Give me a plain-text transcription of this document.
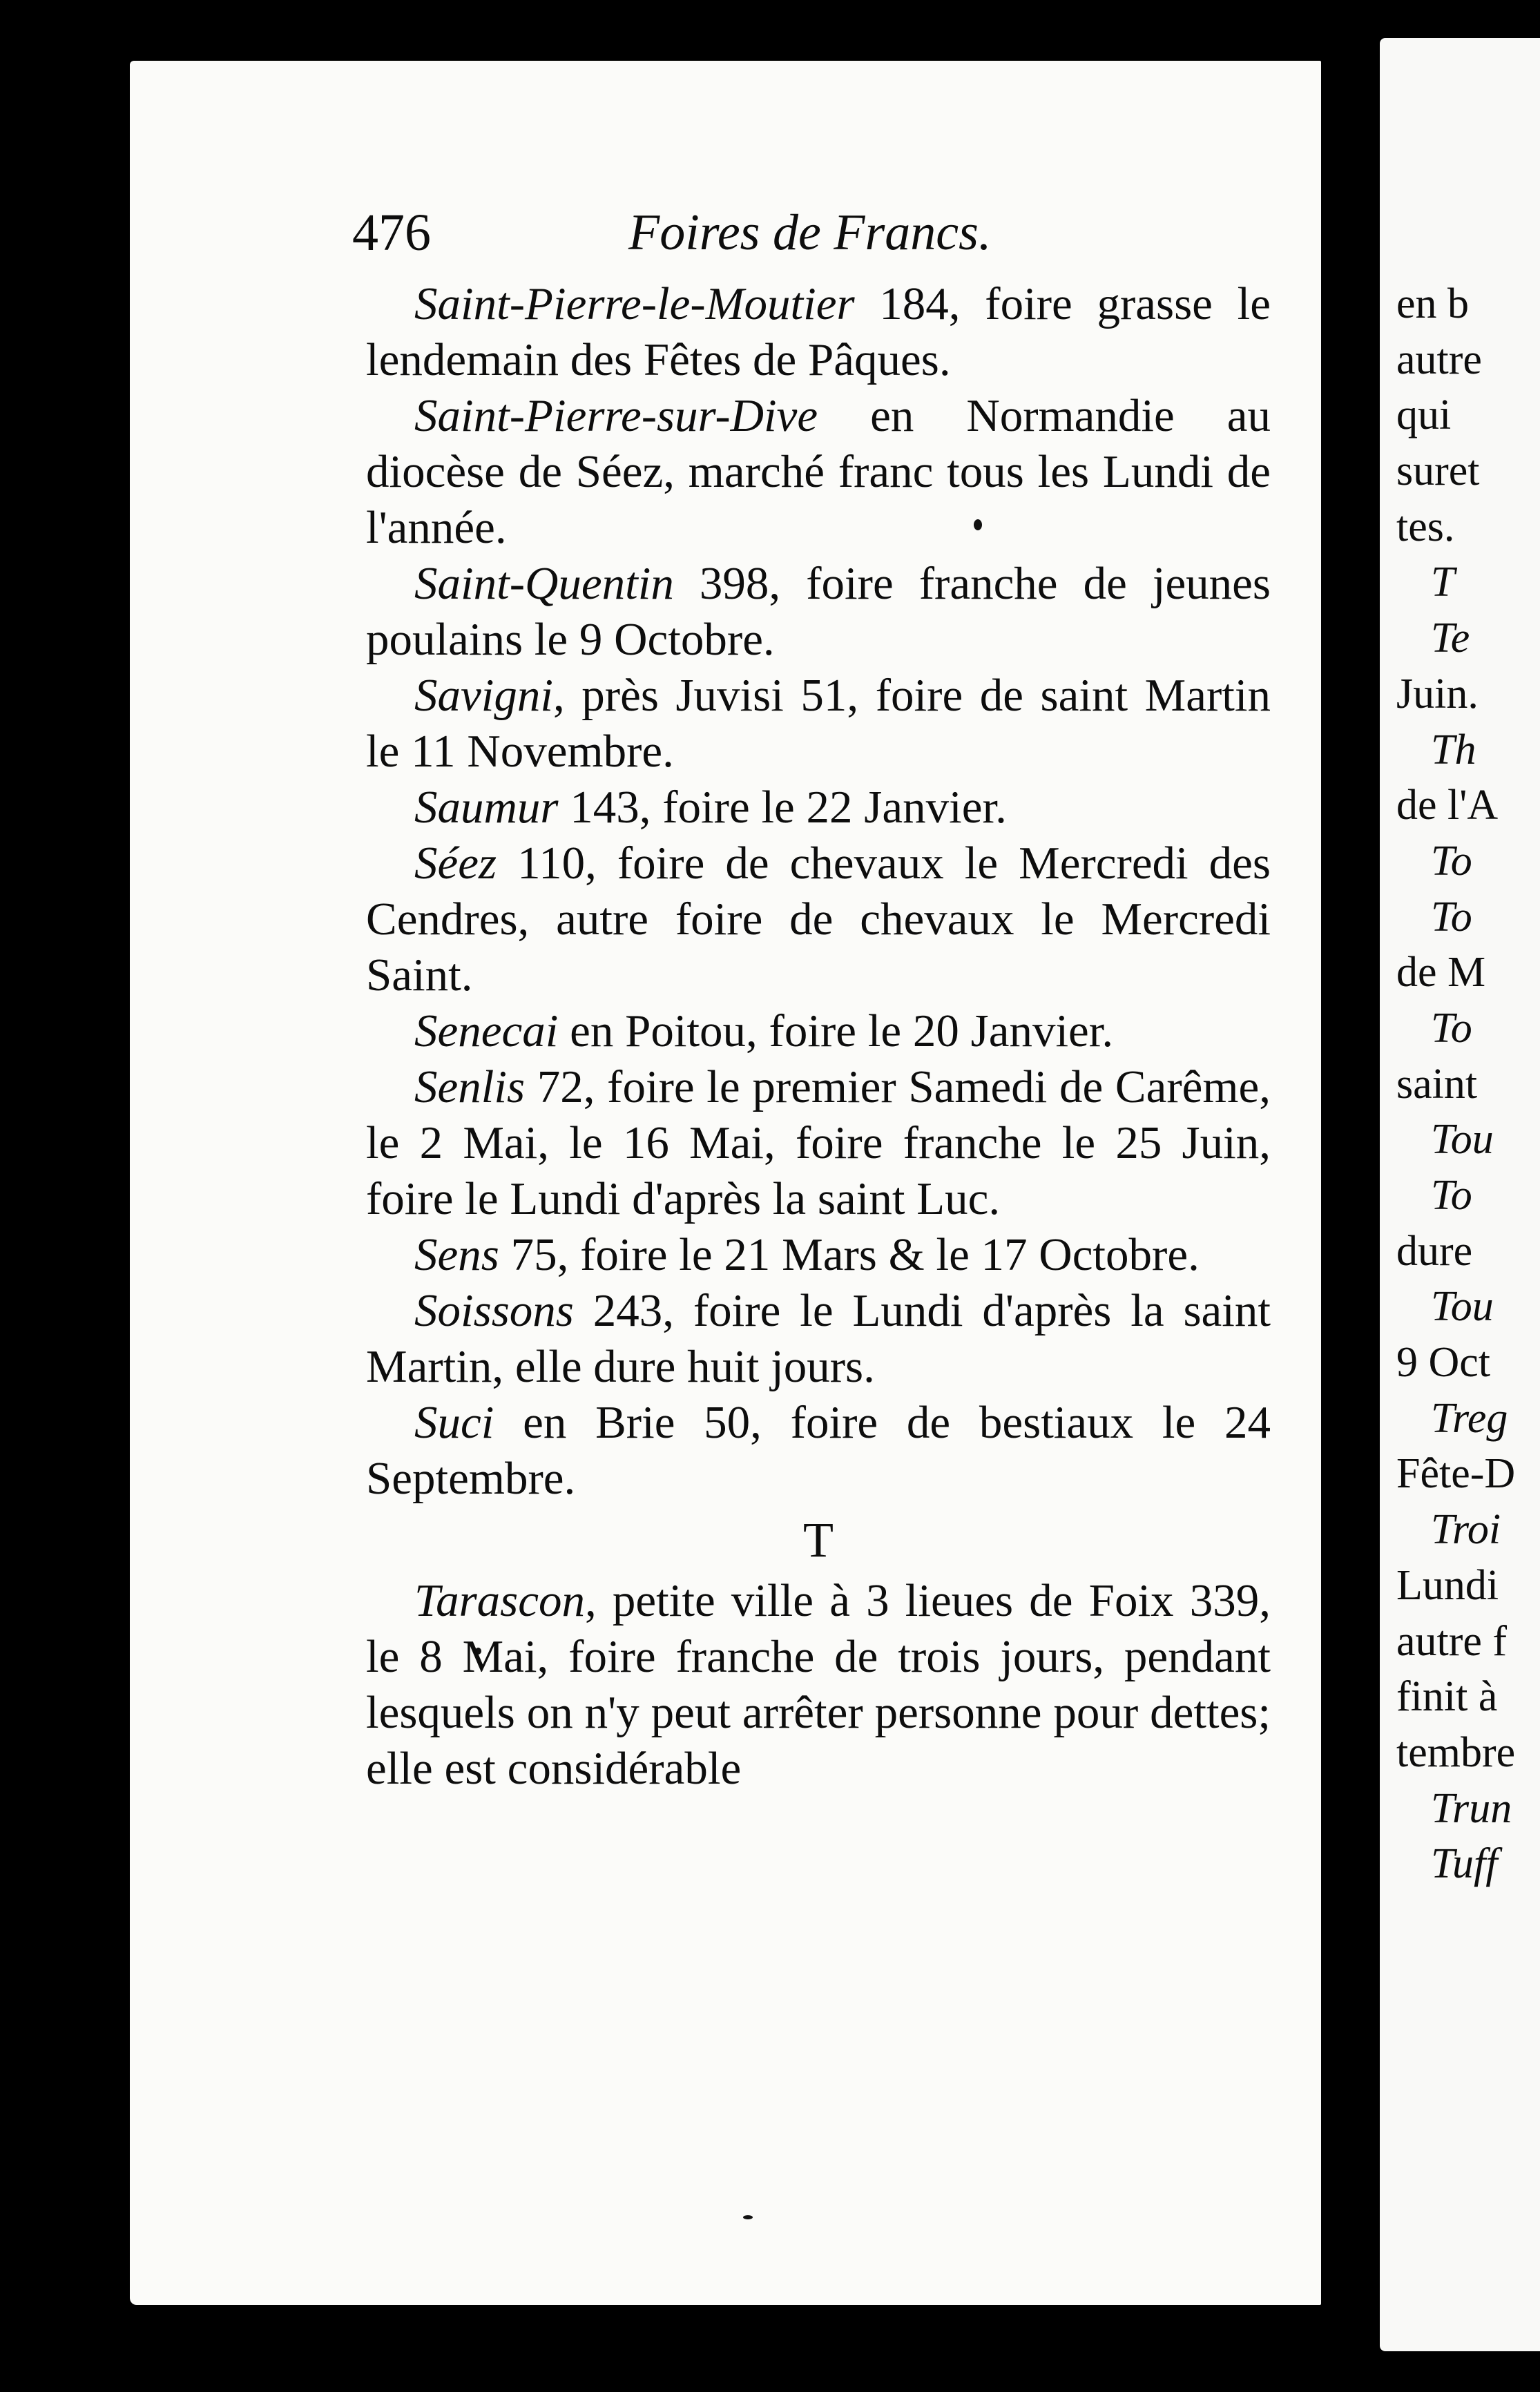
476	Foires de Francs.

Saint-Pierre-le-Moutier 184, foire grasse le lendemain des Fêtes de Pâques.

Saint-Pierre-sur-Dive en Normandie au diocèse de Séez, marché franc tous les Lundi de l'année.

Saint-Quentin 398, foire franche de jeunes poulains le 9 Octobre.

Savigni, près Juvisi 51, foire de saint Martin le 11 Novembre.

Saumur 143, foire le 22 Janvier.

Séez 110, foire de chevaux le Mercredi des Cendres, autre foire de chevaux le Mercredi Saint.

Senecai en Poitou, foire le 20 Janvier.

Senlis 72, foire le premier Samedi de Carême, le 2 Mai, le 16 Mai, foire franche le 25 Juin, foire le Lundi d'après la saint Luc.

Sens 75, foire le 21 Mars & le 17 Octobre.

Soissons 243, foire le Lundi d'après la saint Martin, elle dure huit jours.

Suci en Brie 50, foire de bestiaux le 24 Septembre.

T

Tarascon, petite ville à 3 lieues de Foix 339, le 8 Mai, foire franche de trois jours, pendant lesquels on n'y peut arrêter personne pour dettes; elle est considérable

en b
autre
qui
suret
tes.
T
Te
Juin.
Th
de l'A
To
To
de M
To
saint
Tou
To
dure
Tou
9 Oct
Treg
Fête-D
Troi
Lundi
autre f
finit à
tembre
Trun
Tuff
